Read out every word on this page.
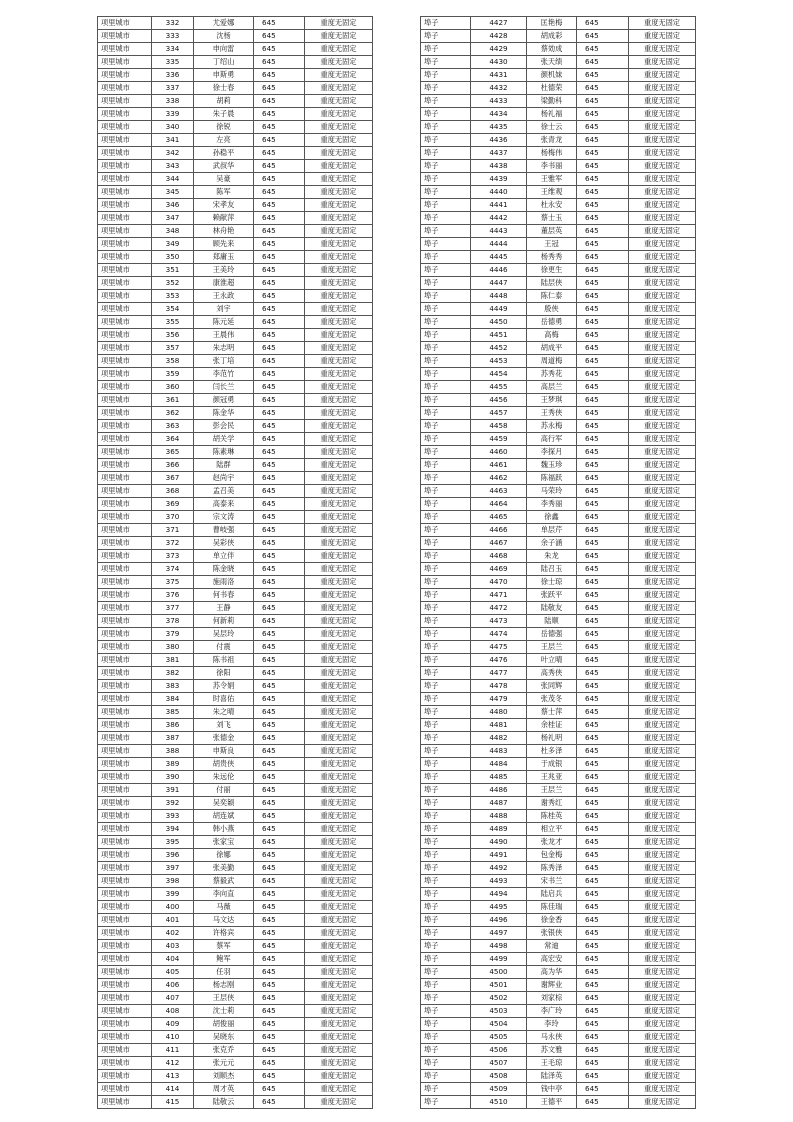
项里城市	332	尤爱娜	645	重度无固定
项里城市	333	沈杨	645	重度无固定
项里城市	334	申向雷	645	重度无固定
项里城市	335	丁绍山	645	重度无固定
项里城市	336	申斯勇	645	重度无固定
项里城市	337	徐士春	645	重度无固定
项里城市	338	胡莉	645	重度无固定
项里城市	339	朱子晨	645	重度无固定
项里城市	340	徐锐	645	重度无固定
项里城市	341	左亮	645	重度无固定
项里城市	342	孙稳平	645	重度无固定
项里城市	343	武叔华	645	重度无固定
项里城市	344	吴豪	645	重度无固定
项里城市	345	陈军	645	重度无固定
项里城市	346	宋孝友	645	重度无固定
项里城市	347	赖献萍	645	重度无固定
项里城市	348	林舟艳	645	重度无固定
项里城市	349	顾先来	645	重度无固定
项里城市	350	郑庸玉	645	重度无固定
项里城市	351	王美玲	645	重度无固定
项里城市	352	康淮超	645	重度无固定
项里城市	353	王永政	645	重度无固定
项里城市	354	刘宇	645	重度无固定
项里城市	355	陈元延	645	重度无固定
项里城市	356	王晨伟	645	重度无固定
项里城市	357	朱志明	645	重度无固定
项里城市	358	张丁培	645	重度无固定
项里城市	359	李范竹	645	重度无固定
项里城市	360	闫长兰	645	重度无固定
项里城市	361	颜冠勇	645	重度无固定
项里城市	362	陈金华	645	重度无固定
项里城市	363	彭会民	645	重度无固定
项里城市	364	胡关学	645	重度无固定
项里城市	365	陈素琳	645	重度无固定
项里城市	366	陆群	645	重度无固定
项里城市	367	赵尚宇	645	重度无固定
项里城市	368	孟召美	645	重度无固定
项里城市	369	高泰来	645	重度无固定
项里城市	370	宗文涛	645	重度无固定
项里城市	371	曹岐强	645	重度无固定
项里城市	372	吴彩侠	645	重度无固定
项里城市	373	单立伴	645	重度无固定
项里城市	374	陈金晓	645	重度无固定
项里城市	375	施雨洛	645	重度无固定
项里城市	376	何书春	645	重度无固定
项里城市	377	王静	645	重度无固定
项里城市	378	何新莉	645	重度无固定
项里城市	379	吴层玲	645	重度无固定
项里城市	380	付震	645	重度无固定
项里城市	381	陈书祖	645	重度无固定
项里城市	382	徐阳	645	重度无固定
项里城市	383	苏令娟	645	重度无固定
项里城市	384	时喜佑	645	重度无固定
项里城市	385	朱之晴	645	重度无固定
项里城市	386	刘飞	645	重度无固定
项里城市	387	张德金	645	重度无固定
项里城市	388	申斯良	645	重度无固定
项里城市	389	胡贵侠	645	重度无固定
项里城市	390	朱远伦	645	重度无固定
项里城市	391	付丽	645	重度无固定
项里城市	392	吴奕颖	645	重度无固定
项里城市	393	胡连斌	645	重度无固定
项里城市	394	韩小燕	645	重度无固定
项里城市	395	张家宝	645	重度无固定
项里城市	396	徐娜	645	重度无固定
项里城市	397	张美勤	645	重度无固定
项里城市	398	蔡毅武	645	重度无固定
项里城市	399	李向直	645	重度无固定
项里城市	400	马薇	645	重度无固定
项里城市	401	马文达	645	重度无固定
项里城市	402	许格宾	645	重度无固定
项里城市	403	蔡军	645	重度无固定
项里城市	404	鲍军	645	重度无固定
项里城市	405	任羽	645	重度无固定
项里城市	406	杨志刚	645	重度无固定
项里城市	407	王层侠	645	重度无固定
项里城市	408	沈士莉	645	重度无固定
项里城市	409	胡俊丽	645	重度无固定
项里城市	410	吴晓东	645	重度无固定
项里城市	411	张克乔	645	重度无固定
项里城市	412	张元元	645	重度无固定
项里城市	413	刘顺杰	645	重度无固定
项里城市	414	周才英	645	重度无固定
项里城市	415	陆敬云	645	重度无固定
埠子	4427	匡艳梅	645	重度无固定
埠子	4428	胡成彩	645	重度无固定
埠子	4429	蔡効成	645	重度无固定
埠子	4430	张天绩	645	重度无固定
埠子	4431	颜机妹	645	重度无固定
埠子	4432	杜德荣	645	重度无固定
埠子	4433	梁勤科	645	重度无固定
埠子	4434	杨礼福	645	重度无固定
埠子	4435	徐士云	645	重度无固定
埠子	4436	张青龙	645	重度无固定
埠子	4437	杨梅伟	645	重度无固定
埠子	4438	李书丽	645	重度无固定
埠子	4439	王雅军	645	重度无固定
埠子	4440	王维观	645	重度无固定
埠子	4441	杜永安	645	重度无固定
埠子	4442	蔡士玉	645	重度无固定
埠子	4443	董层英	645	重度无固定
埠子	4444	王冠	645	重度无固定
埠子	4445	杨秀秀	645	重度无固定
埠子	4446	徐更生	645	重度无固定
埠子	4447	陆层侠	645	重度无固定
埠子	4448	陈仁泰	645	重度无固定
埠子	4449	殷侠	645	重度无固定
埠子	4450	岳德勇	645	重度无固定
埠子	4451	高梅	645	重度无固定
埠子	4452	胡成平	645	重度无固定
埠子	4453	周道梅	645	重度无固定
埠子	4454	苏秀花	645	重度无固定
埠子	4455	高层兰	645	重度无固定
埠子	4456	王梦琪	645	重度无固定
埠子	4457	王秀侠	645	重度无固定
埠子	4458	苏永梅	645	重度无固定
埠子	4459	高行军	645	重度无固定
埠子	4460	李探月	645	重度无固定
埠子	4461	魏玉珍	645	重度无固定
埠子	4462	陈福跃	645	重度无固定
埠子	4463	马荣玲	645	重度无固定
埠子	4464	李秀丽	645	重度无固定
埠子	4465	徐鑫	645	重度无固定
埠子	4466	单层芹	645	重度无固定
埠子	4467	余子涵	645	重度无固定
埠子	4468	朱龙	645	重度无固定
埠子	4469	陆召玉	645	重度无固定
埠子	4470	徐士琼	645	重度无固定
埠子	4471	张跃平	645	重度无固定
埠子	4472	陆敬友	645	重度无固定
埠子	4473	陆顺	645	重度无固定
埠子	4474	岳德强	645	重度无固定
埠子	4475	王层兰	645	重度无固定
埠子	4476	叶立晴	645	重度无固定
埠子	4477	高秀侠	645	重度无固定
埠子	4478	张同辉	645	重度无固定
埠子	4479	张茂冬	645	重度无固定
埠子	4480	蔡士萍	645	重度无固定
埠子	4481	余桂证	645	重度无固定
埠子	4482	杨礼明	645	重度无固定
埠子	4483	杜多泽	645	重度无固定
埠子	4484	于成银	645	重度无固定
埠子	4485	王兆亚	645	重度无固定
埠子	4486	王层兰	645	重度无固定
埠子	4487	谢秀红	645	重度无固定
埠子	4488	陈桂英	645	重度无固定
埠子	4489	相立平	645	重度无固定
埠子	4490	张龙才	645	重度无固定
埠子	4491	包金梅	645	重度无固定
埠子	4492	陈秀泽	645	重度无固定
埠子	4493	宋书兰	645	重度无固定
埠子	4494	陆启兵	645	重度无固定
埠子	4495	陈佳瑞	645	重度无固定
埠子	4496	徐金香	645	重度无固定
埠子	4497	张银侠	645	重度无固定
埠子	4498	常迪	645	重度无固定
埠子	4499	高宏安	645	重度无固定
埠子	4500	高为华	645	重度无固定
埠子	4501	谢辉业	645	重度无固定
埠子	4502	刘家棕	645	重度无固定
埠子	4503	李广玲	645	重度无固定
埠子	4504	李玲	645	重度无固定
埠子	4505	马永侠	645	重度无固定
埠子	4506	苏文雅	645	重度无固定
埠子	4507	王毛琼	645	重度无固定
埠子	4508	陆泽英	645	重度无固定
埠子	4509	钱中亭	645	重度无固定
埠子	4510	王德平	645	重度无固定
